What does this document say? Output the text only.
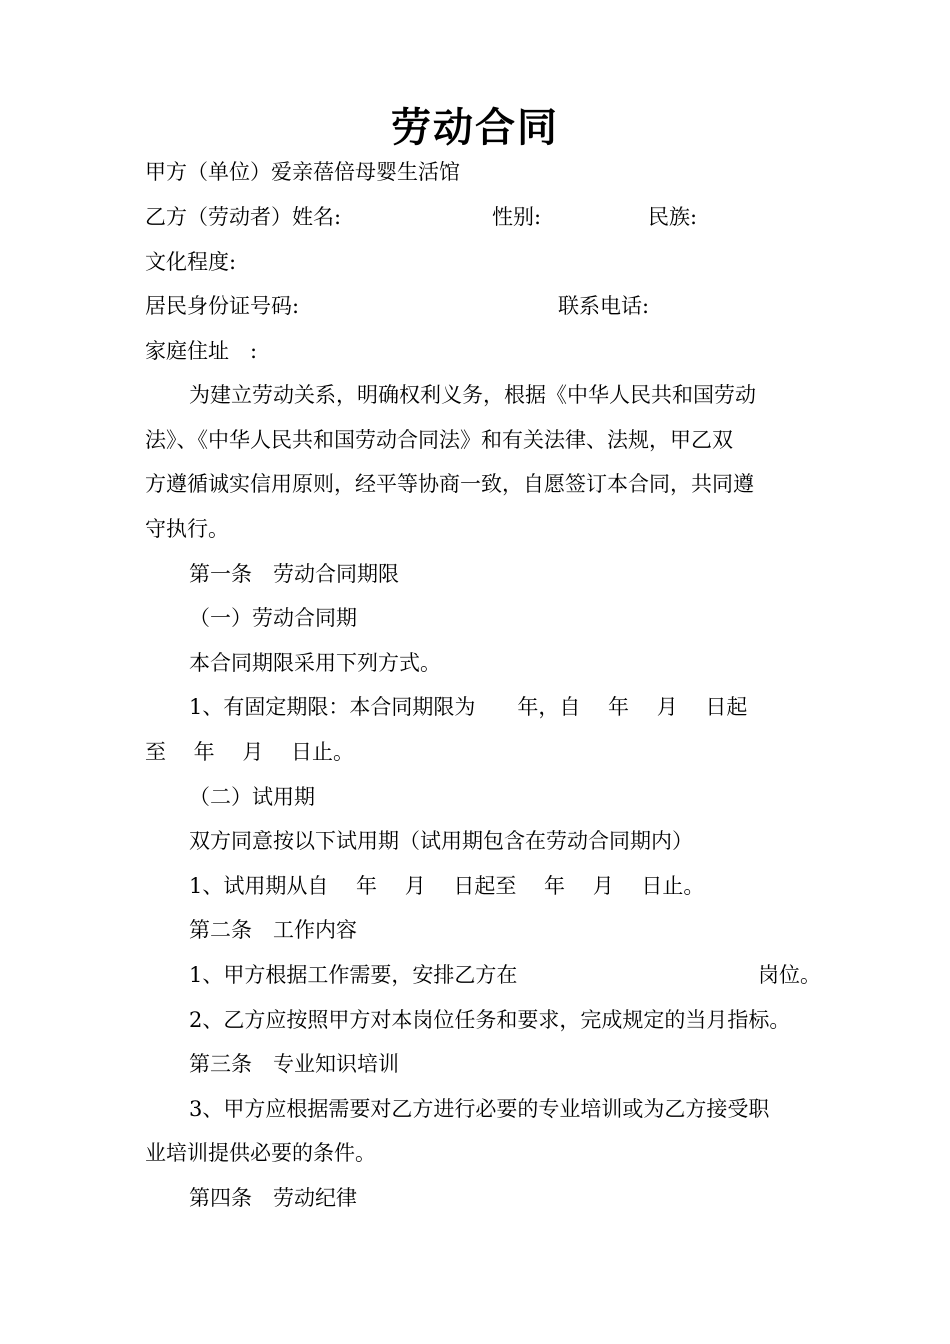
劳动合同
甲方（单位）爱亲蓓倍母婴生活馆
乙方（劳动者）姓名:	性别:	民族:
文化程度:
居民身份证号码:	联系电话:
家庭住址　:
为建立劳动关系，明确权利义务，根据《中华人民共和国劳动
法》、《中华人民共和国劳动合同法》和有关法律、法规，甲乙双
方遵循诚实信用原则，经平等协商一致，自愿签订本合同，共同遵
守执行。
第一条　劳动合同期限
（一）劳动合同期
本合同期限采用下列方式。
1、有固定期限：本合同期限为　　年，自　 年　 月　 日起
至　 年　 月　 日止。
（二）试用期
双方同意按以下试用期（试用期包含在劳动合同期内）
1、试用期从自　 年　 月　 日起至　 年　 月　 日止。
第二条　工作内容
1、甲方根据工作需要，安排乙方在	岗位。
2、乙方应按照甲方对本岗位任务和要求，完成规定的当月指标。
第三条　专业知识培训
3、甲方应根据需要对乙方进行必要的专业培训或为乙方接受职
业培训提供必要的条件。
第四条　劳动纪律
